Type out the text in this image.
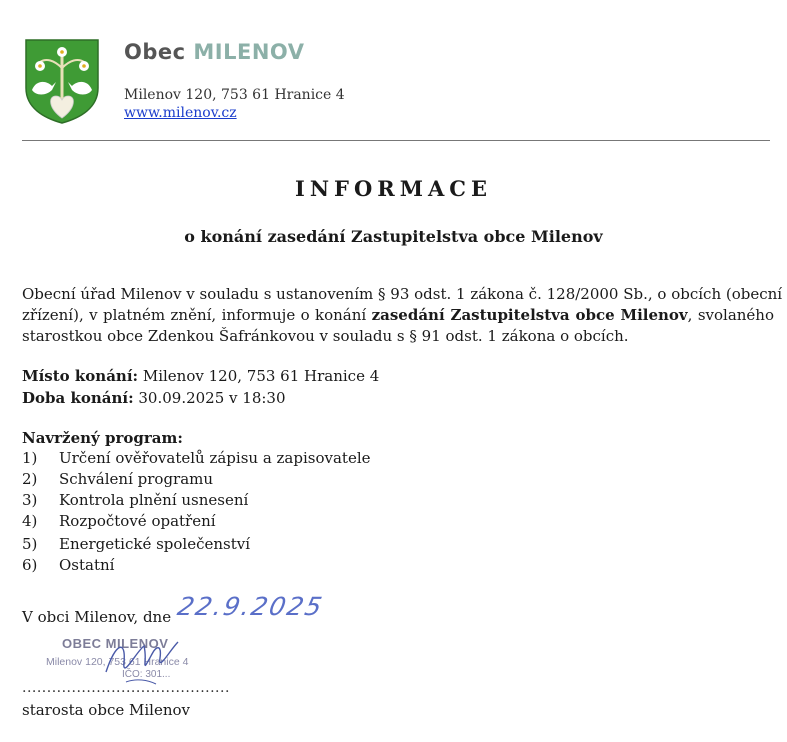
Obec MILENOV
Milenov 120, 753 61 Hranice 4
www.milenov.cz
INFORMACE
o konání zasedání Zastupitelstva obce Milenov
Obecní úřad Milenov v souladu s ustanovením § 93 odst. 1 zákona č. 128/2000 Sb., o obcích (obecní
zřízení), v platném znění, informuje o konání zasedání Zastupitelstva obce Milenov, svolaného
starostkou obce Zdenkou Šafránkovou v souladu s § 91 odst. 1 zákona o obcích.
Místo konání: Milenov 120, 753 61 Hranice 4
Doba konání: 30.09.2025 v 18:30
Navržený program:
1) Určení ověřovatelů zápisu a zapisovatele
2) Schválení programu
3) Kontrola plnění usnesení
4) Rozpočtové opatření
5) Energetické společenství
6) Ostatní
V obci Milenov, dne 22.9.2025
OBEC MILENOV
Milenov 120, 753 61 Hranice 4
IČO: 301...
..........................................
starosta obce Milenov
